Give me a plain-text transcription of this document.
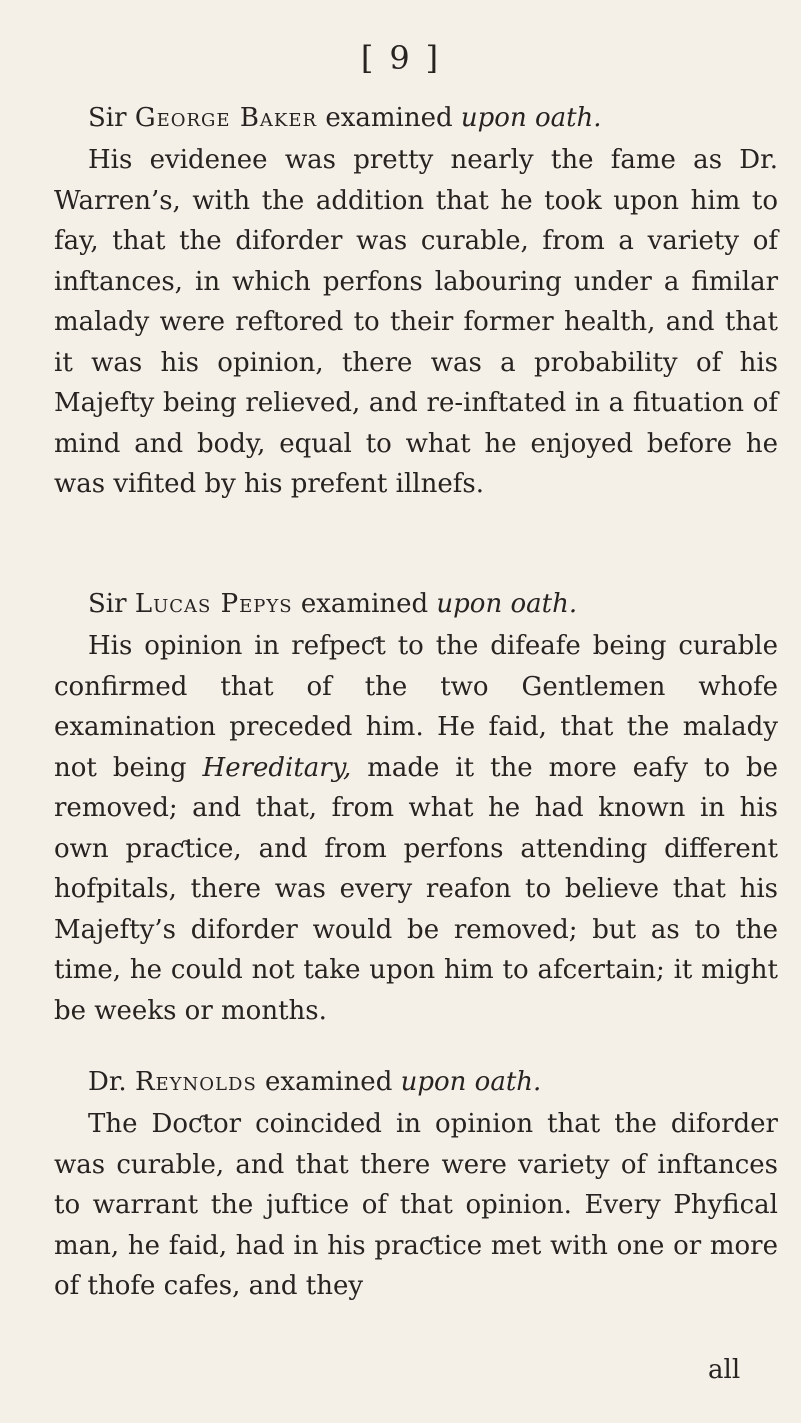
[ 9 ]
Sir George Baker examined upon oath.
His evidenee was pretty nearly the fame as Dr. Warren’s, with the addition that he took upon him to fay, that the diforder was curable, from a variety of inftances, in which perfons labouring under a fimilar malady were reftored to their former health, and that it was his opinion, there was a probability of his Majefty being relieved, and re-inftated in a fituation of mind and body, equal to what he enjoyed before he was vifited by his prefent illnefs.
Sir Lucas Pepys examined upon oath.
His opinion in refpeƈt to the difeafe being curable confirmed that of the two Gentlemen whofe examination preceded him. He faid, that the malady not being Hereditary, made it the more eafy to be removed; and that, from what he had known in his own praƈtice, and from perfons attending different hofpitals, there was every reafon to believe that his Majefty’s diforder would be removed; but as to the time, he could not take upon him to afcertain; it might be weeks or months.
Dr. Reynolds examined upon oath.
The Doƈtor coincided in opinion that the diforder was curable, and that there were variety of inftances to warrant the juftice of that opinion. Every Phyfical man, he faid, had in his praƈtice met with one or more of thofe cafes, and they
all
